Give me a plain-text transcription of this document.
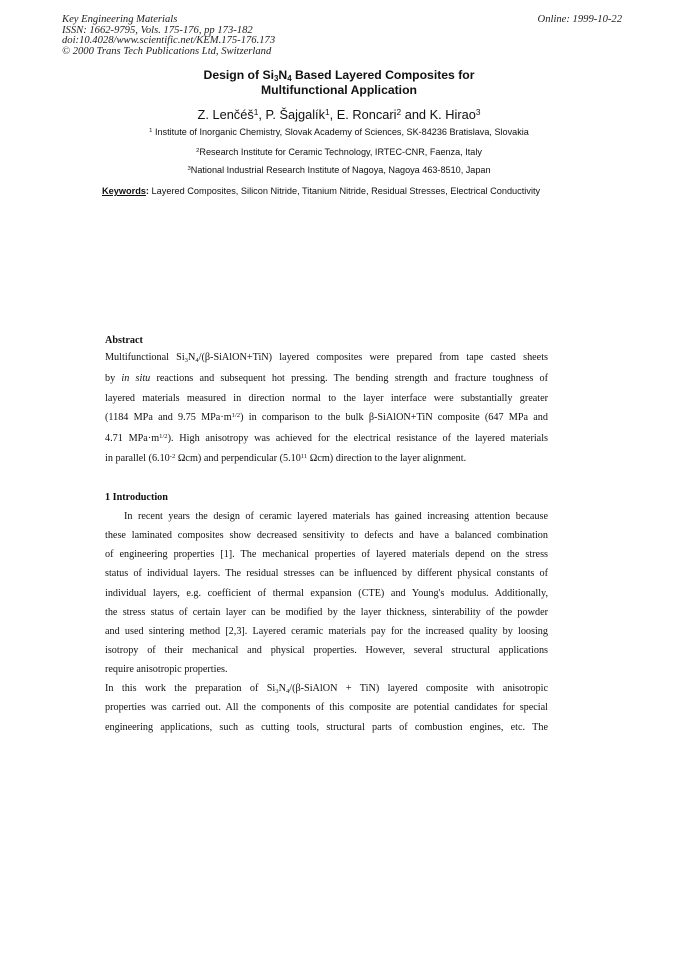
Key Engineering Materials
ISSN: 1662-9795, Vols. 175-176, pp 173-182
doi:10.4028/www.scientific.net/KEM.175-176.173
© 2000 Trans Tech Publications Ltd, Switzerland
Online: 1999-10-22
Design of $Si_3N_4$ Based Layered Composites for
Multifunctional Application
Z. Lenčéš$^1$, P. Šajgalík$^1$, E. Roncari$^2$ and K. Hirao$^3$
$^1$ Institute of Inorganic Chemistry, Slovak Academy of Sciences, SK-84236 Bratislava, Slovakia
$^2$Research Institute for Ceramic Technology, IRTEC-CNR, Faenza, Italy
$^3$National Industrial Research Institute of Nagoya, Nagoya 463-8510, Japan
Keywords: Layered Composites, Silicon Nitride, Titanium Nitride, Residual Stresses, Electrical Conductivity
Abstract
Multifunctional $Si_3N_4/(\beta-SiAlON+TiN)$ layered composites were prepared from tape casted sheets
by in situ reactions and subsequent hot pressing. The bending strength and fracture toughness of
layered materials measured in direction normal to the layer interface were substantially greater
(1184 MPa and 9.75 $MPa\cdot m^{1/2}$) in comparison to the bulk β-SiAlON+TiN composite (647 MPa and
4.71 $MPa\cdot m^{1/2}$). High anisotropy was achieved for the electrical resistance of the layered materials
in parallel ($6.10^{-2}$ Ωcm) and perpendicular (5.10$^{11}$ Ωcm) direction to the layer alignment.
1 Introduction
In recent years the design of ceramic layered materials has gained increasing attention because
these laminated composites show decreased sensitivity to defects and have a balanced combination
of engineering properties [1]. The mechanical properties of layered materials depend on the stress
status of individual layers. The residual stresses can be influenced by different physical constants of
individual layers, e.g. coefficient of thermal expansion (CTE) and Young's modulus. Additionally,
the stress status of certain layer can be modified by the layer thickness, sinterability of the powder
and used sintering method [2,3]. Layered ceramic materials pay for the increased quality by loosing
isotropy of their mechanical and physical properties. However, several structural applications
require anisotropic properties.
In this work the preparation of $Si_3N_4/(\beta$-SiAlON + TiN) layered composite with anisotropic
properties was carried out. All the components of this composite are potential candidates for special
engineering applications, such as cutting tools, structural parts of combustion engines, etc. The
